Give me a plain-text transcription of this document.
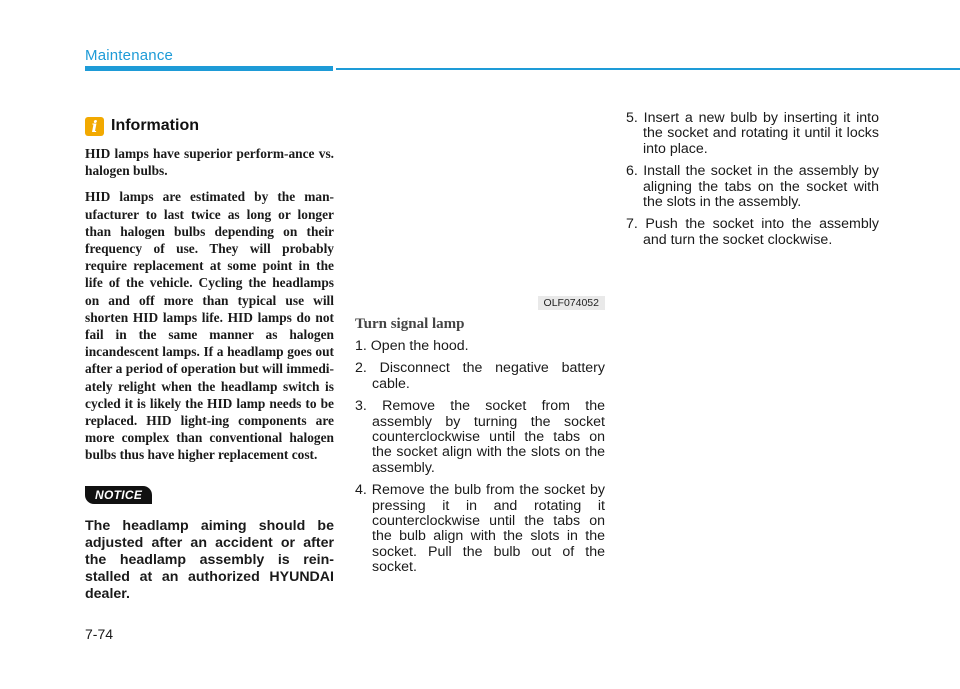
Maintenance
i Information

HID lamps have superior perform-ance vs. halogen bulbs.

HID lamps are estimated by the man-ufacturer to last twice as long or longer than halogen bulbs depending on their frequency of use. They will probably require replacement at some point in the life of the vehicle. Cycling the headlamps on and off more than typical use will shorten HID lamps life. HID lamps do not fail in the same manner as halogen incandescent lamps. If a headlamp goes out after a period of operation but will immedi-ately relight when the headlamp switch is cycled it is likely the HID lamp needs to be replaced. HID light-ing components are more complex than conventional halogen bulbs thus have higher replacement cost.

NOTICE
The headlamp aiming should be adjusted after an accident or after the headlamp assembly is rein-stalled at an authorized HYUNDAI dealer.
OLF074052
Turn signal lamp
1. Open the hood.
2. Disconnect the negative battery cable.
3. Remove the socket from the assembly by turning the socket counterclockwise until the tabs on the socket align with the slots on the assembly.
4. Remove the bulb from the socket by pressing it in and rotating it counterclockwise until the tabs on the bulb align with the slots in the socket. Pull the bulb out of the socket.
5. Insert a new bulb by inserting it into the socket and rotating it until it locks into place.
6. Install the socket in the assembly by aligning the tabs on the socket with the slots in the assembly.
7. Push the socket into the assembly and turn the socket clockwise.
7-74
